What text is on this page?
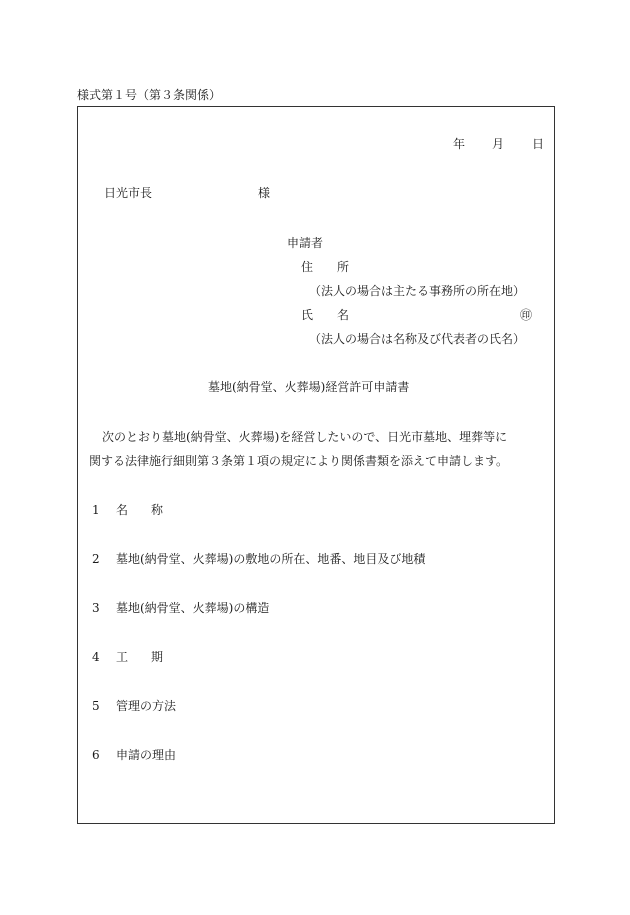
様式第１号（第３条関係）
年 月 日
日光市長	様
申請者
住 所
（法人の場合は主たる事務所の所在地）
氏 名	㊞
（法人の場合は名称及び代表者の氏名）
墓地(納骨堂、火葬場)経営許可申請書
次のとおり墓地(納骨堂、火葬場)を経営したいので、日光市墓地、埋葬等に
関する法律施行細則第３条第１項の規定により関係書類を添えて申請します。
1 名 称
2 墓地(納骨堂、火葬場)の敷地の所在、地番、地目及び地積
3 墓地(納骨堂、火葬場)の構造
4 工 期
5 管理の方法
6 申請の理由
